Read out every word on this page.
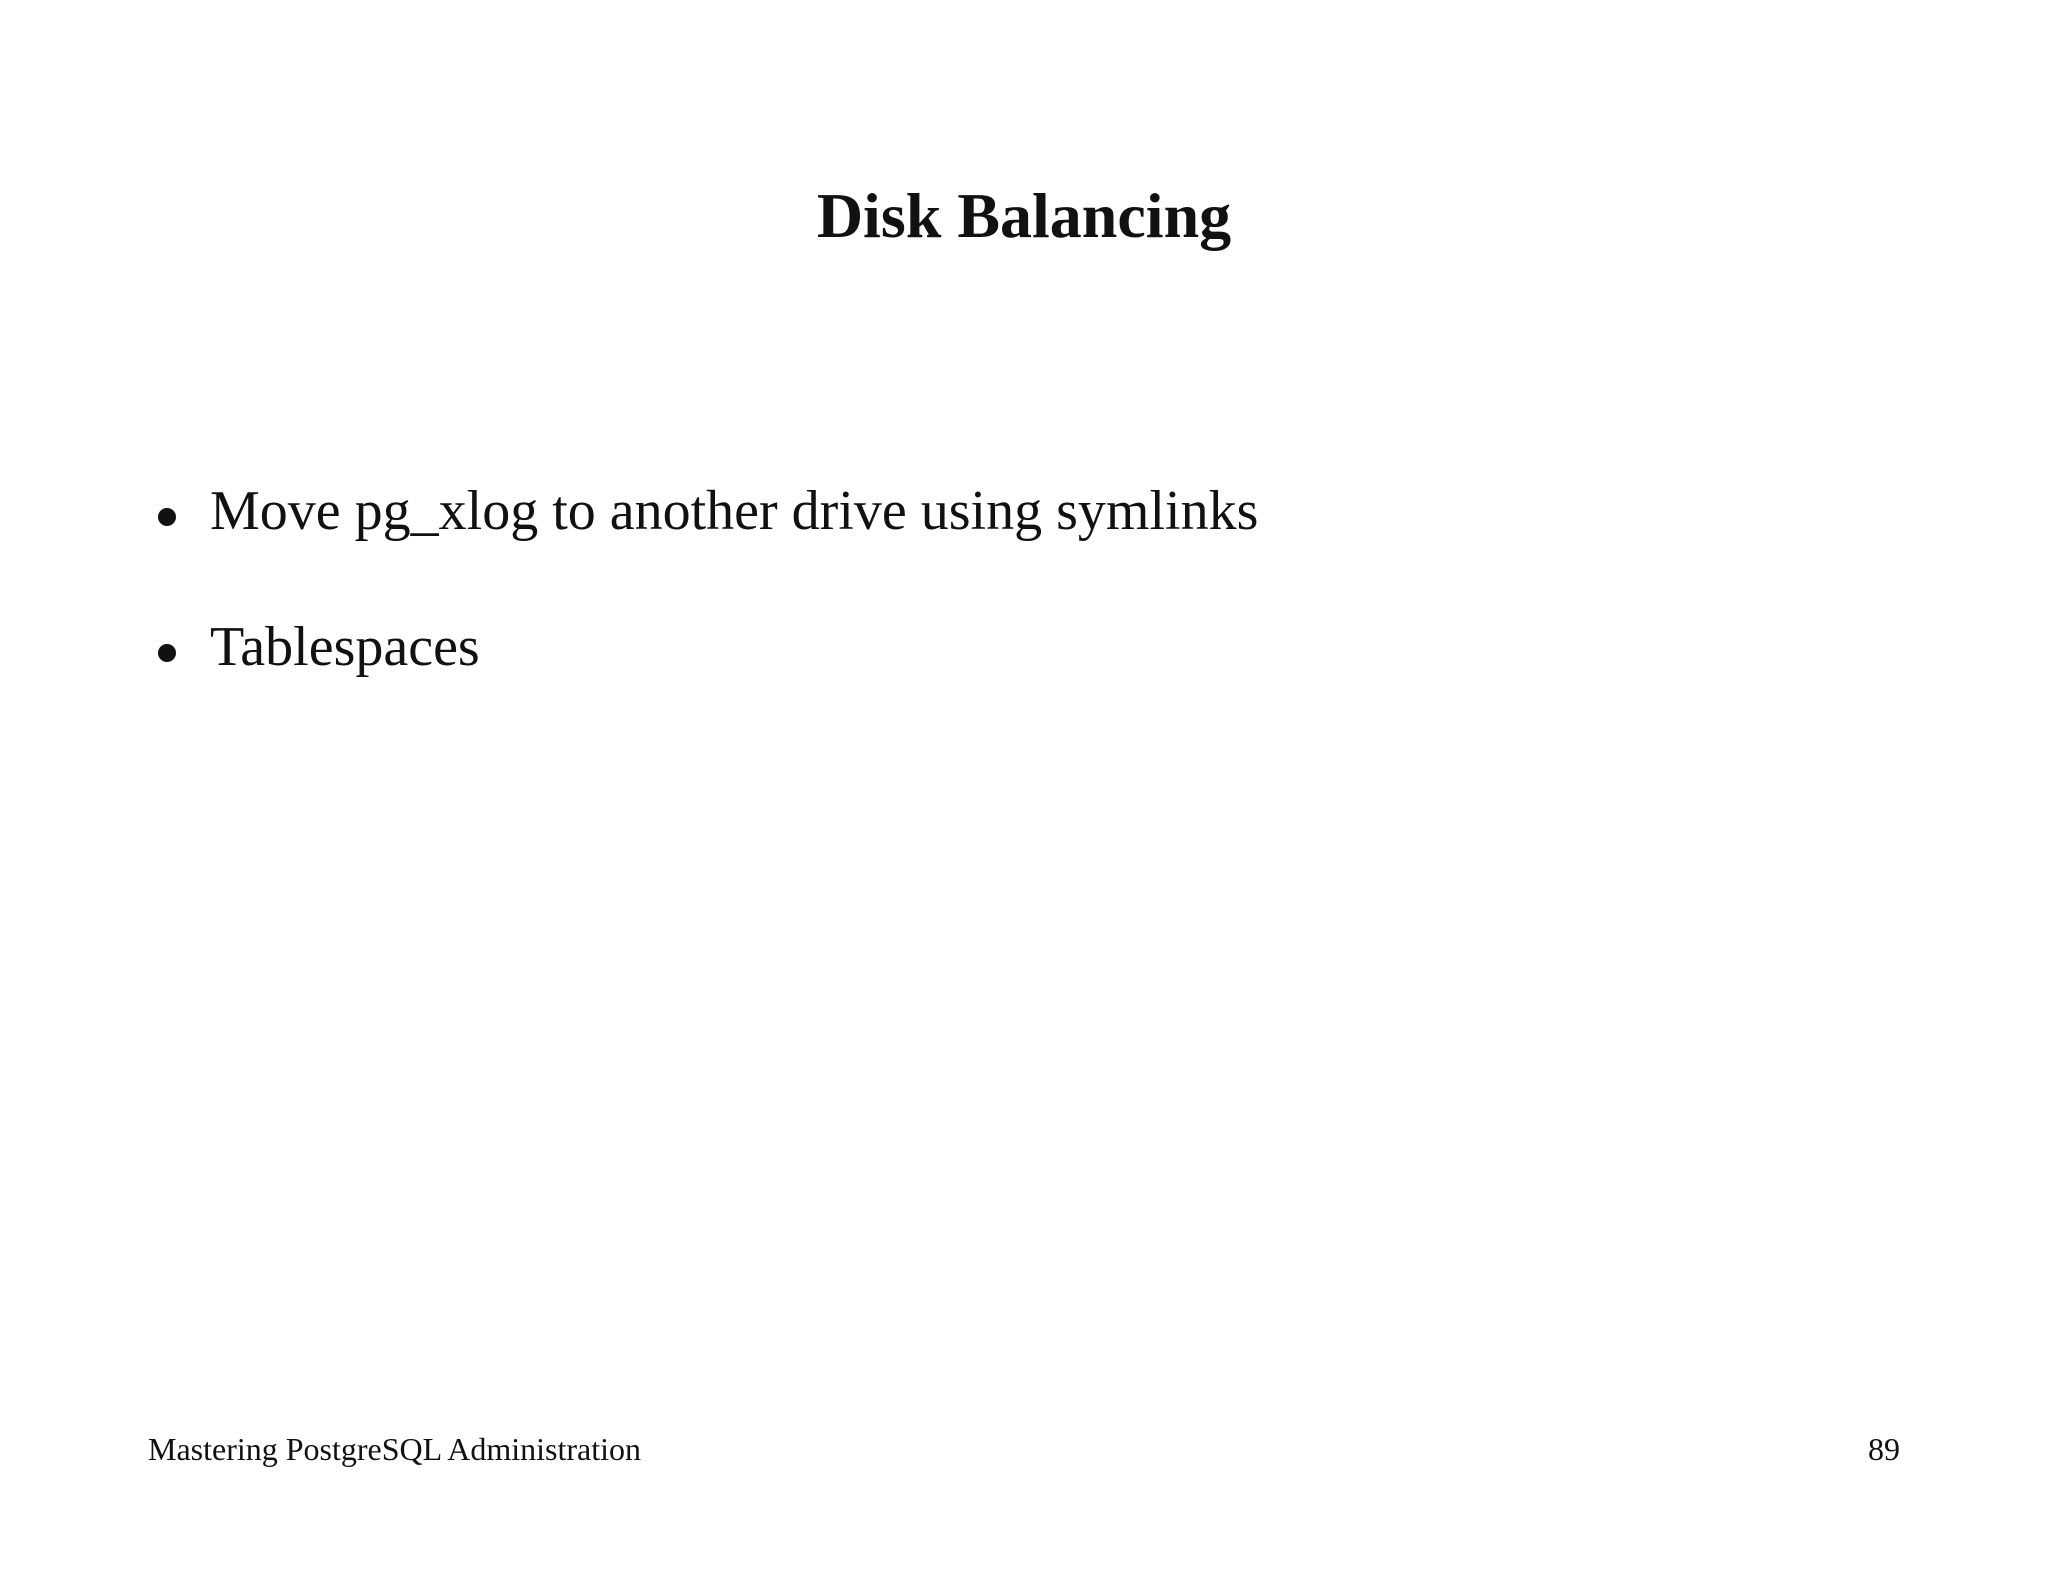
Disk Balancing
Move pg_xlog to another drive using symlinks
Tablespaces
Mastering PostgreSQL Administration	89
